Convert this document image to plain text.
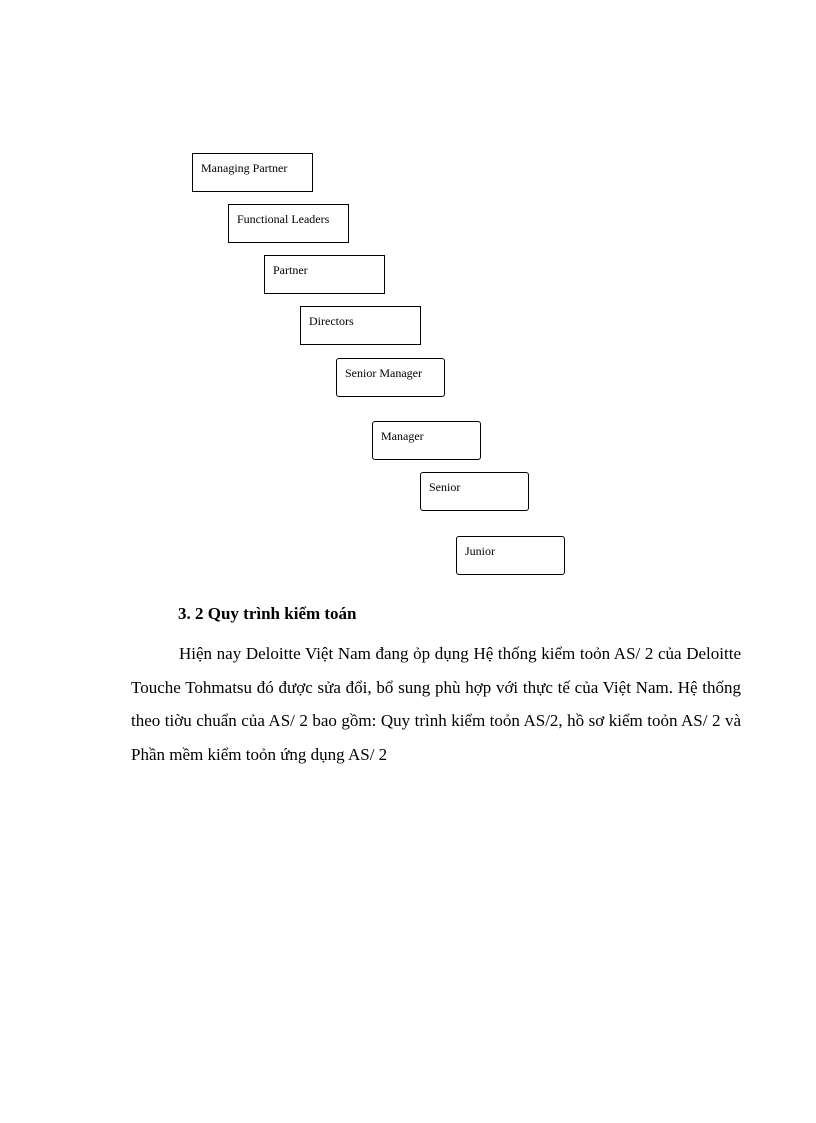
Managing Partner
Functional Leaders
Partner
Directors
Senior Manager
Manager
Senior
Junior
3. 2 Quy trình kiểm toán

Hiện nay Deloitte Việt Nam đang ỏp dụng Hệ thống kiểm toỏn AS/ 2 của Deloitte Touche Tohmatsu đó được sửa đổi, bổ sung phù hợp với thực tế của Việt Nam. Hệ thống theo tiờu chuẩn của AS/ 2 bao gồm: Quy trình kiểm toỏn AS/2, hồ sơ kiểm toỏn AS/ 2 và Phần mềm kiểm toỏn ứng dụng AS/ 2
